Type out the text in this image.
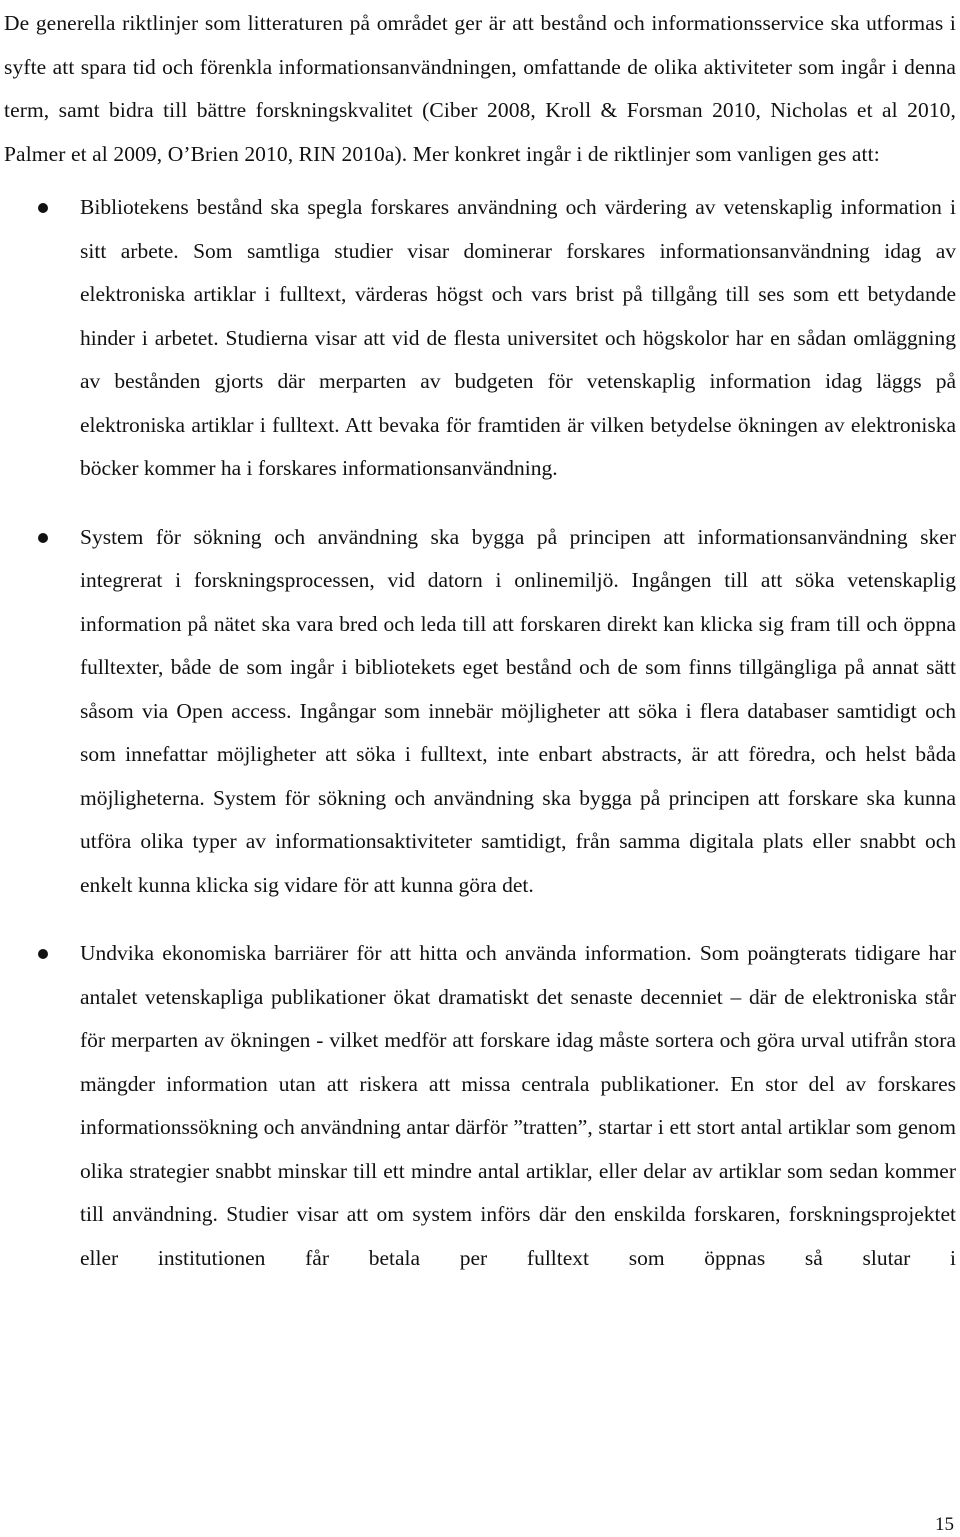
De generella riktlinjer som litteraturen på området ger är att bestånd och informationsservice ska utformas i syfte att spara tid och förenkla informationsanvändningen, omfattande de olika aktiviteter som ingår i denna term, samt bidra till bättre forskningskvalitet (Ciber 2008, Kroll & Forsman 2010, Nicholas et al 2010, Palmer et al 2009, O’Brien 2010, RIN 2010a). Mer konkret ingår i de riktlinjer som vanligen ges att:

Bibliotekens bestånd ska spegla forskares användning och värdering av vetenskaplig information i sitt arbete. Som samtliga studier visar dominerar forskares informationsanvändning idag av elektroniska artiklar i fulltext, värderas högst och vars brist på tillgång till ses som ett betydande hinder i arbetet. Studierna visar att vid de flesta universitet och högskolor har en sådan omläggning av bestånden gjorts där merparten av budgeten för vetenskaplig information idag läggs på elektroniska artiklar i fulltext. Att bevaka för framtiden är vilken betydelse ökningen av elektroniska böcker kommer ha i forskares informationsanvändning.
System för sökning och användning ska bygga på principen att informationsanvändning sker integrerat i forskningsprocessen, vid datorn i onlinemiljö. Ingången till att söka vetenskaplig information på nätet ska vara bred och leda till att forskaren direkt kan klicka sig fram till och öppna fulltexter, både de som ingår i bibliotekets eget bestånd och de som finns tillgängliga på annat sätt såsom via Open access. Ingångar som innebär möjligheter att söka i flera databaser samtidigt och som innefattar möjligheter att söka i fulltext, inte enbart abstracts, är att föredra, och helst båda möjligheterna. System för sökning och användning ska bygga på principen att forskare ska kunna utföra olika typer av informationsaktiviteter samtidigt, från samma digitala plats eller snabbt och enkelt kunna klicka sig vidare för att kunna göra det.
Undvika ekonomiska barriärer för att hitta och använda information. Som poängterats tidigare har antalet vetenskapliga publikationer ökat dramatiskt det senaste decenniet – där de elektroniska står för merparten av ökningen - vilket medför att forskare idag måste sortera och göra urval utifrån stora mängder information utan att riskera att missa centrala publikationer. En stor del av forskares informationssökning och användning antar därför ”tratten”, startar i ett stort antal artiklar som genom olika strategier snabbt minskar till ett mindre antal artiklar, eller delar av artiklar som sedan kommer till användning. Studier visar att om system införs där den enskilda forskaren, forskningsprojektet eller institutionen får betala per fulltext som öppnas så slutar i
15
